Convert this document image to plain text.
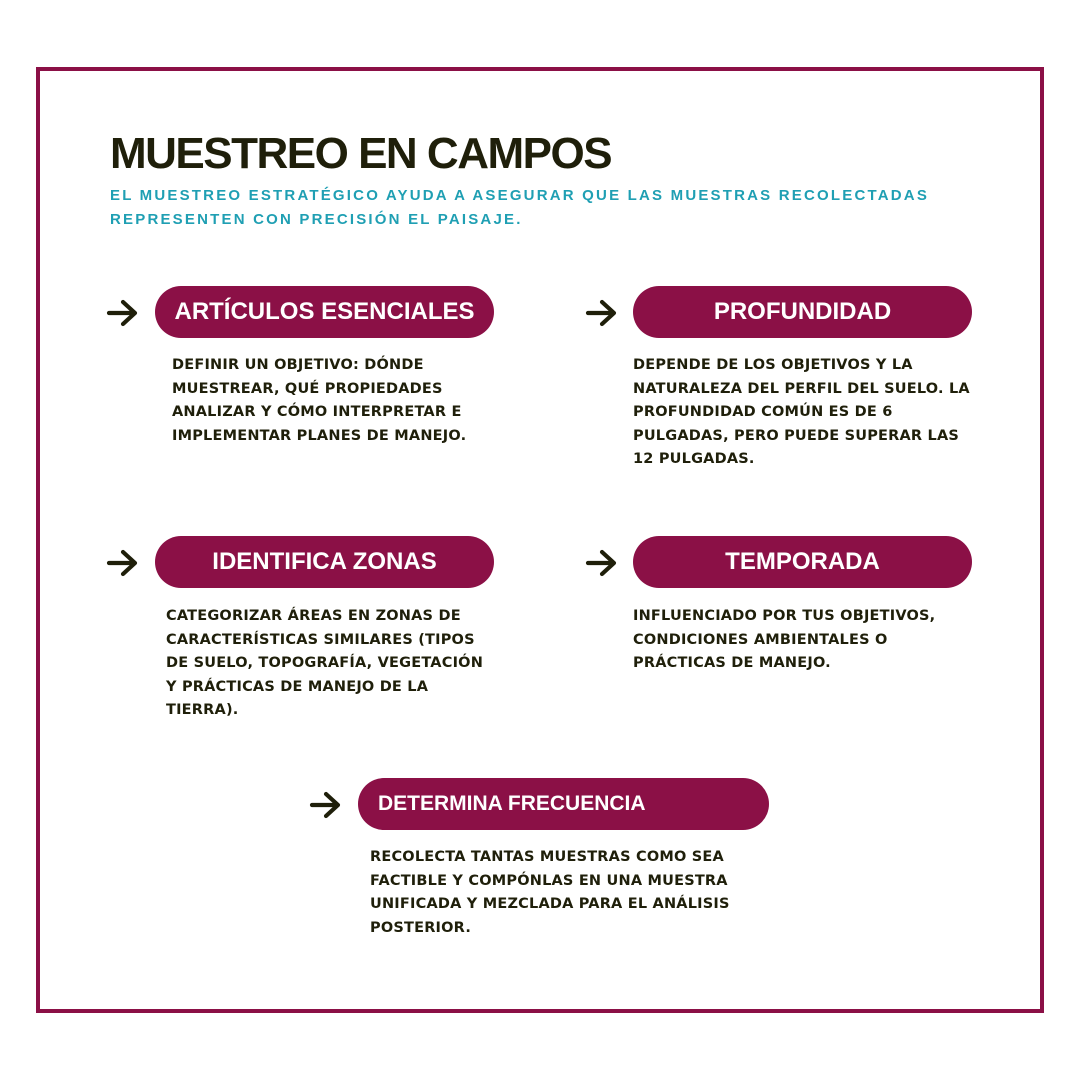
MUESTREO EN CAMPOS

EL MUESTREO ESTRATÉGICO AYUDA A ASEGURAR QUE LAS MUESTRAS RECOLECTADAS REPRESENTEN CON PRECISIÓN EL PAISAJE.

ARTÍCULOS ESENCIALES

DEFINIR UN OBJETIVO: DÓNDE MUESTREAR, QUÉ PROPIEDADES ANALIZAR Y CÓMO INTERPRETAR E IMPLEMENTAR PLANES DE MANEJO.

PROFUNDIDAD

DEPENDE DE LOS OBJETIVOS Y LA NATURALEZA DEL PERFIL DEL SUELO. LA PROFUNDIDAD COMÚN ES DE 6 PULGADAS, PERO PUEDE SUPERAR LAS 12 PULGADAS.

IDENTIFICA ZONAS

CATEGORIZAR ÁREAS EN ZONAS DE CARACTERÍSTICAS SIMILARES (TIPOS DE SUELO, TOPOGRAFÍA, VEGETACIÓN Y PRÁCTICAS DE MANEJO DE LA TIERRA).

TEMPORADA

INFLUENCIADO POR TUS OBJETIVOS, CONDICIONES AMBIENTALES O PRÁCTICAS DE MANEJO.

DETERMINA FRECUENCIA

RECOLECTA TANTAS MUESTRAS COMO SEA FACTIBLE Y COMPÓNLAS EN UNA MUESTRA UNIFICADA Y MEZCLADA PARA EL ANÁLISIS POSTERIOR.
